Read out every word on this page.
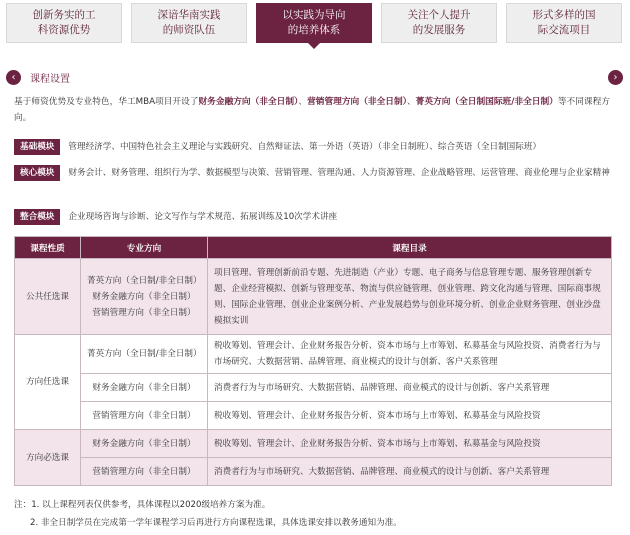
创新务实的工科资源优势
深谙华南实践的师资队伍
以实践为导向的培养体系
关注个人提升的发展服务
形式多样的国际交流项目
‹	课程设置	›
基于师资优势及专业特色，华工MBA项目开设了财务金融方向（非全日制）、营销管理方向（非全日制）、菁英方向（全日制国际班/非全日制）等不同课程方向。
基础模块 管理经济学、中国特色社会主义理论与实践研究、自然辩证法、第一外语（英语）（非全日制班）、综合英语（全日制国际班）
核心模块 财务会计、财务管理、组织行为学、数据模型与决策、营销管理、管理沟通、人力资源管理、企业战略管理、运营管理、商业伦理与企业家精神
整合模块 企业现场咨询与诊断、论文写作与学术规范、拓展训练及10次学术讲座
课程性质	专业方向	课程目录
公共任选课	菁英方向（全日制/非全日制）
财务金融方向（非全日制）
营销管理方向（非全日制）	项目管理、管理创新前沿专题、先进制造（产业）专题、电子商务与信息管理专题、服务管理创新专题、企业经营模拟、创新与管理变革、物流与供应链管理、创业管理、跨文化沟通与管理、国际商事规则、国际企业管理、创业企业案例分析、产业发展趋势与创业环境分析、创业企业财务管理、创业沙盘模拟实训
方向任选课	菁英方向（全日制/非全日制）	税收筹划、管理会计、企业财务报告分析、资本市场与上市筹划、私募基金与风险投资、消费者行为与市场研究、大数据营销、品牌管理、商业模式的设计与创新、客户关系管理
	财务金融方向（非全日制）	消费者行为与市场研究、大数据营销、品牌管理、商业模式的设计与创新、客户关系管理
	营销管理方向（非全日制）	税收筹划、管理会计、企业财务报告分析、资本市场与上市筹划、私募基金与风险投资
方向必选课	财务金融方向（非全日制）	税收筹划、管理会计、企业财务报告分析、资本市场与上市筹划、私募基金与风险投资
	营销管理方向（非全日制）	消费者行为与市场研究、大数据营销、品牌管理、商业模式的设计与创新、客户关系管理
注：1. 以上课程列表仅供参考，具体课程以2020级培养方案为准。
2. 非全日制学员在完成第一学年课程学习后再进行方向课程选课，具体选课安排以教务通知为准。
